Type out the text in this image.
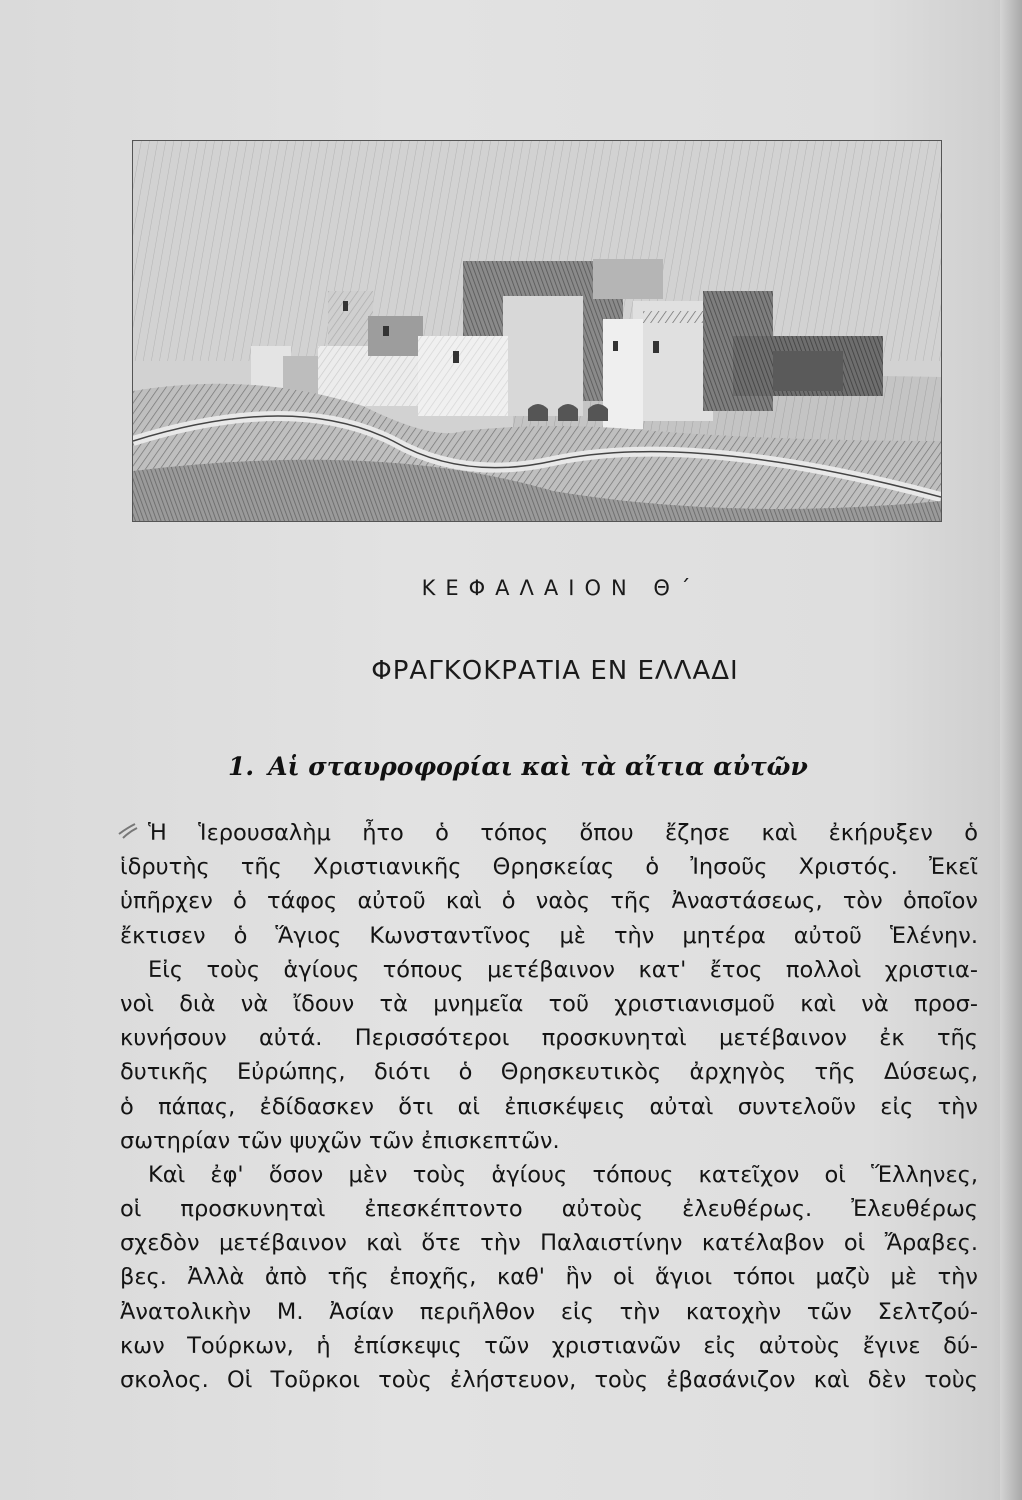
ΚΕΦΑΛΑΙΟΝ Θ΄
ΦΡΑΓΚΟΚΡΑΤΙΑ ΕΝ ΕΛΛΑΔΙ
1. Αἱ σταυροφορίαι καὶ τὰ αἴτια αὐτῶν
Ἡ Ἱερουσαλὴμ ἦτο ὁ τόπος ὅπου ἔζησε καὶ ἐκήρυξεν ὁ
ἱδρυτὴς τῆς Χριστιανικῆς Θρησκείας ὁ Ἰησοῦς Χριστός. Ἐκεῖ
ὑπῆρχεν ὁ τάφος αὐτοῦ καὶ ὁ ναὸς τῆς Ἀναστάσεως, τὸν ὁποῖον
ἔκτισεν ὁ Ἅγιος Κωνσταντῖνος μὲ τὴν μητέρα αὐτοῦ Ἑλένην.
Εἰς τοὺς ἁγίους τόπους μετέβαινον κατ' ἔτος πολλοὶ χριστια-
νοὶ διὰ νὰ ἴδουν τὰ μνημεῖα τοῦ χριστιανισμοῦ καὶ νὰ προσ-
κυνήσουν αὐτά. Περισσότεροι προσκυνηταὶ μετέβαινον ἐκ τῆς
δυτικῆς Εὐρώπης, διότι ὁ Θρησκευτικὸς ἀρχηγὸς τῆς Δύσεως,
ὁ πάπας, ἐδίδασκεν ὅτι αἱ ἐπισκέψεις αὐταὶ συντελοῦν εἰς τὴν
σωτηρίαν τῶν ψυχῶν τῶν ἐπισκεπτῶν.
Καὶ ἐφ' ὅσον μὲν τοὺς ἁγίους τόπους κατεῖχον οἱ Ἕλληνες,
οἱ προσκυνηταὶ ἐπεσκέπτοντο αὐτοὺς ἐλευθέρως. Ἐλευθέρως
σχεδὸν μετέβαινον καὶ ὅτε τὴν Παλαιστίνην κατέλαβον οἱ Ἄραβες.
βες. Ἀλλὰ ἀπὸ τῆς ἐποχῆς, καθ' ἣν οἱ ἅγιοι τόποι μαζὺ μὲ τὴν
Ἀνατολικὴν Μ. Ἀσίαν περιῆλθον εἰς τὴν κατοχὴν τῶν Σελτζού-
κων Τούρκων, ἡ ἐπίσκεψις τῶν χριστιανῶν εἰς αὐτοὺς ἔγινε δύ-
σκολος. Οἱ Τοῦρκοι τοὺς ἐλήστευον, τοὺς ἐβασάνιζον καὶ δὲν τοὺς
